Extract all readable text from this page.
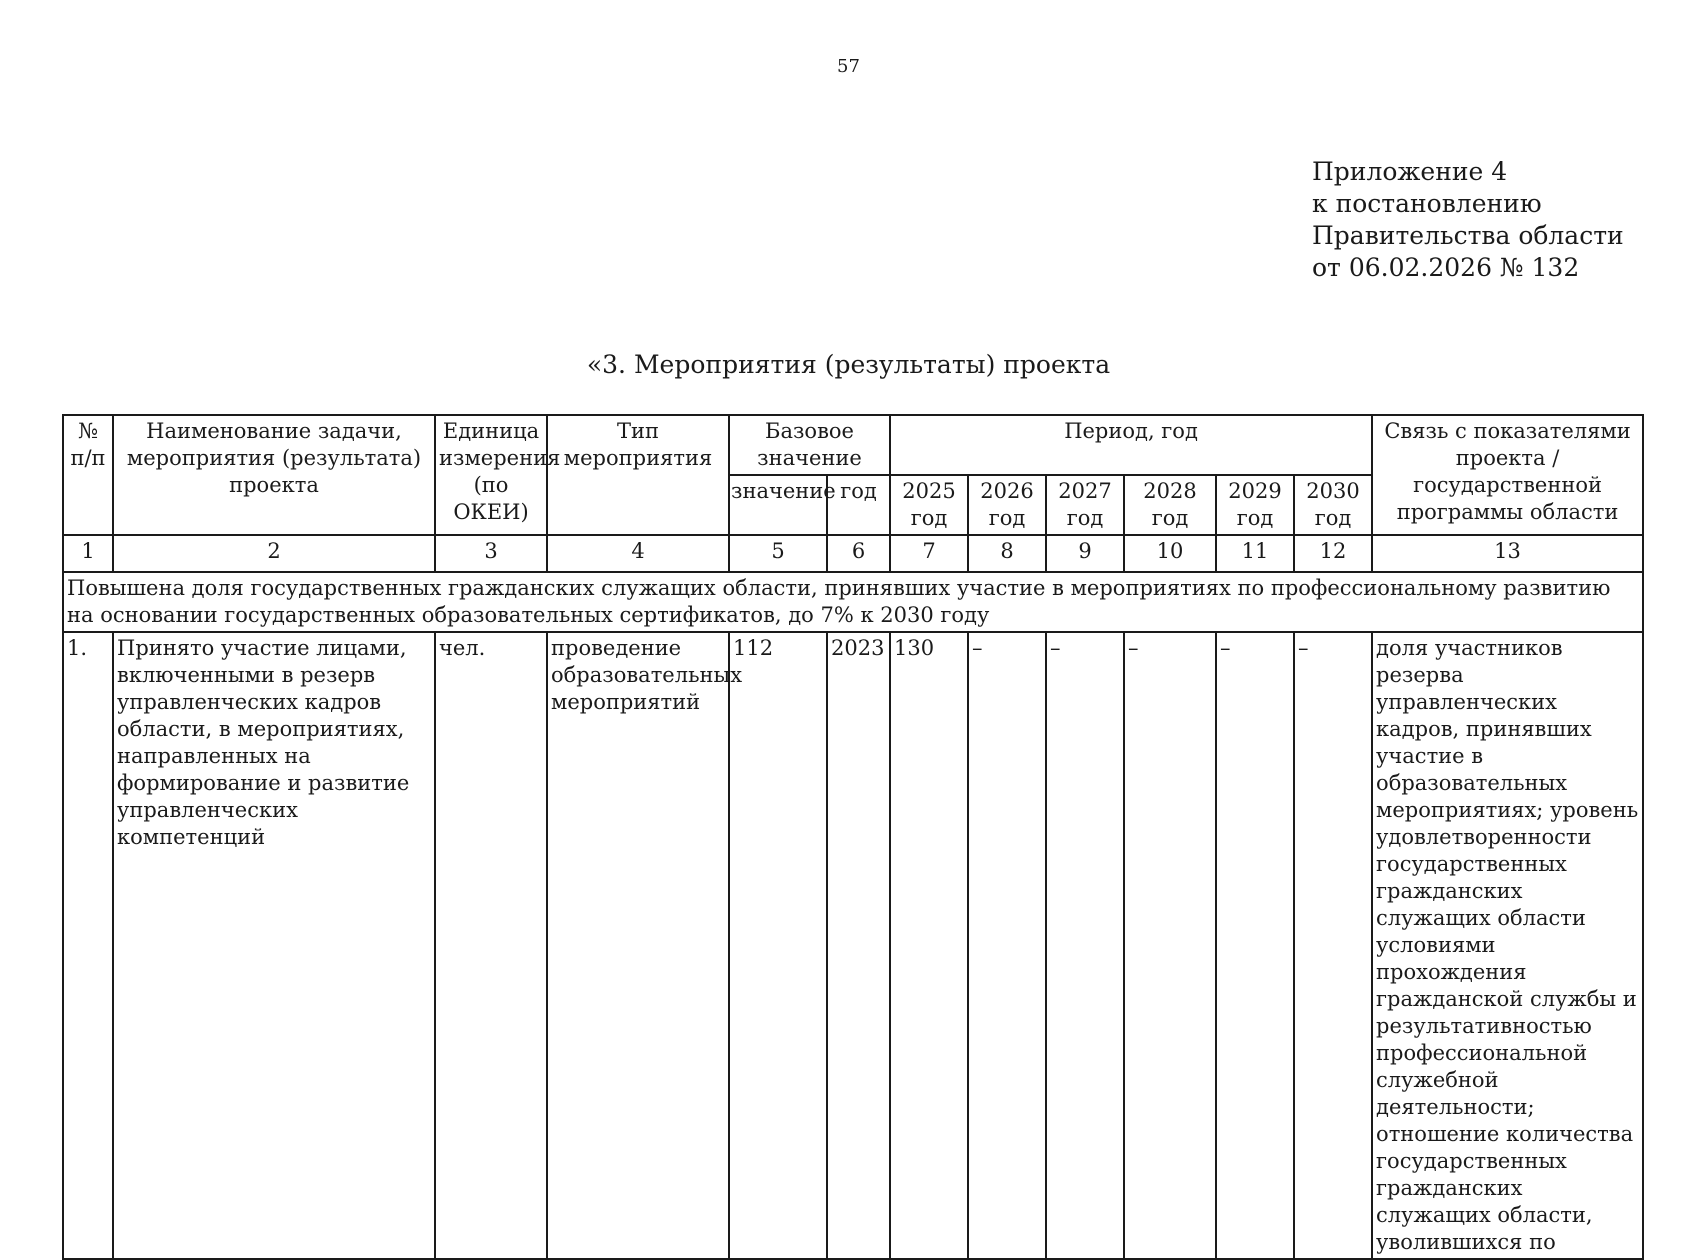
57
Приложение 4
к постановлению
Правительства области
от 06.02.2026 № 132
«3. Мероприятия (результаты) проекта
№ п/п	Наименование задачи, мероприятия (результата) проекта	Единица измерения (по ОКЕИ)	Тип мероприятия	Базовое значение		Период, год						Связь с показателями проекта / государственной программы области
				значение	год	2025 год	2026 год	2027 год	2028 год	2029 год	2030 год	
1	2	3	4	5	6	7	8	9	10	11	12	13
Повышена доля государственных гражданских служащих области, принявших участие в мероприятиях по профессиональному развитию на основании государственных образовательных сертификатов, до 7% к 2030 году												
1.	Принято участие лицами, включенными в резерв управленческих кадров области, в мероприятиях, направленных на формирование и развитие управленческих компетенций	чел.	проведение образовательных мероприятий	112	2023	130	–	–	–	–	–	доля участников резерва управленческих кадров, принявших участие в образовательных мероприятиях; уровень удовлетворенности государственных гражданских служащих области условиями прохождения гражданской службы и результативностью профессиональной служебной деятельности; отношение количества государственных гражданских служащих области, уволившихся по
